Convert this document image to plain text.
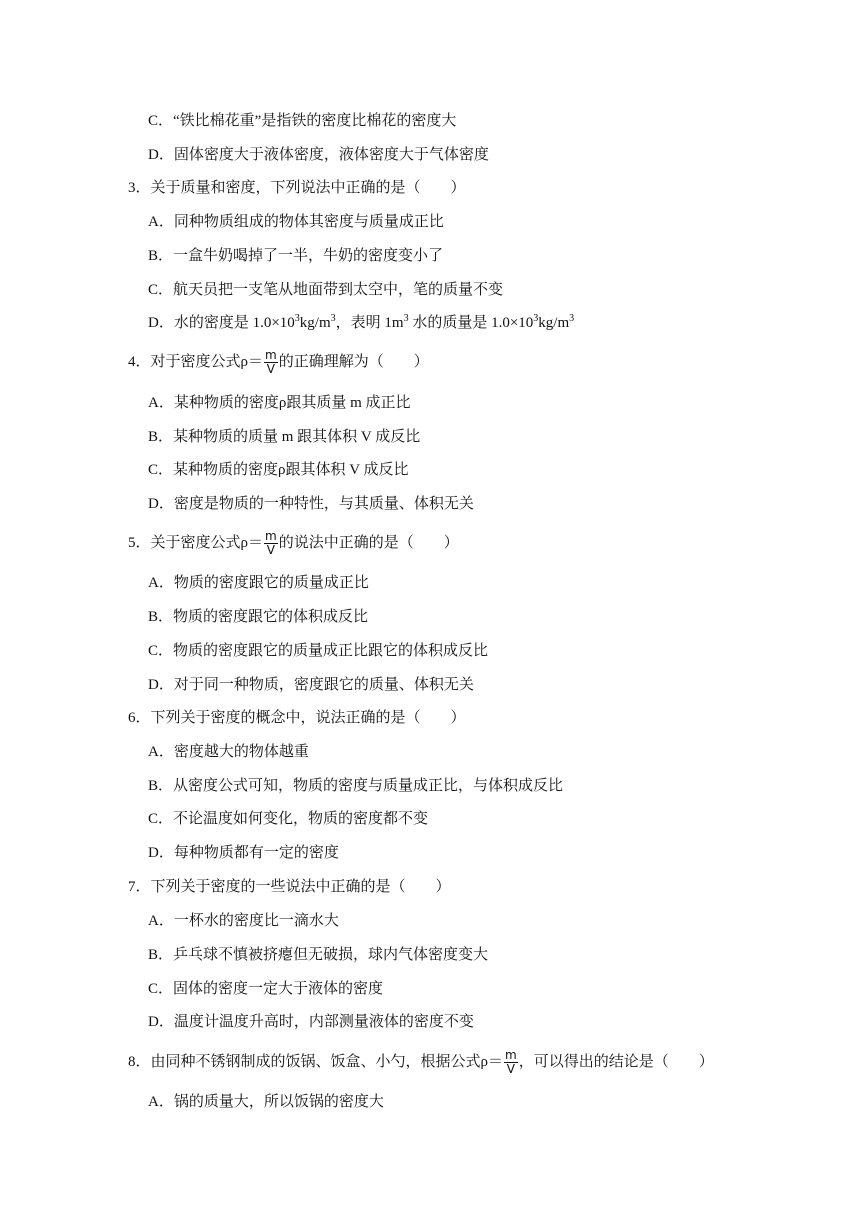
C．“铁比棉花重”是指铁的密度比棉花的密度大
D．固体密度大于液体密度，液体密度大于气体密度
3．关于质量和密度，下列说法中正确的是（　　）
A．同种物质组成的物体其密度与质量成正比
B．一盒牛奶喝掉了一半，牛奶的密度变小了
C．航天员把一支笔从地面带到太空中，笔的质量不变
D．水的密度是 $1.0\times 10^3kg/m^3$，表明 $1m^3$ 水的质量是 $1.0\times 10^3kg/m^3$
4．对于密度公式$\rho= \frac{m}{V}$ 的正确理解为（　　）
A．某种物质的密度ρ跟其质量 m 成正比
B．某种物质的质量 m 跟其体积 V 成反比
C．某种物质的密度ρ跟其体积 V 成反比
D．密度是物质的一种特性，与其质量、体积无关
5．关于密度公式$\rho= \frac{m}{V}$ 的说法中正确的是（　　）
A．物质的密度跟它的质量成正比
B．物质的密度跟它的体积成反比
C．物质的密度跟它的质量成正比跟它的体积成反比
D．对于同一种物质，密度跟它的质量、体积无关
6．下列关于密度的概念中，说法正确的是（　　）
A．密度越大的物体越重
B．从密度公式可知，物质的密度与质量成正比，与体积成反比
C．不论温度如何变化，物质的密度都不变
D．每种物质都有一定的密度
7．下列关于密度的一些说法中正确的是（　　）
A．一杯水的密度比一滴水大
B．乒乓球不慎被挤瘪但无破损，球内气体密度变大
C．固体的密度一定大于液体的密度
D．温度计温度升高时，内部测量液体的密度不变
8．由同种不锈钢制成的饭锅、饭盒、小勺，根据公式$\rho= \frac{m}{V}$ ，可以得出的结论是（　　）
A．锅的质量大，所以饭锅的密度大
